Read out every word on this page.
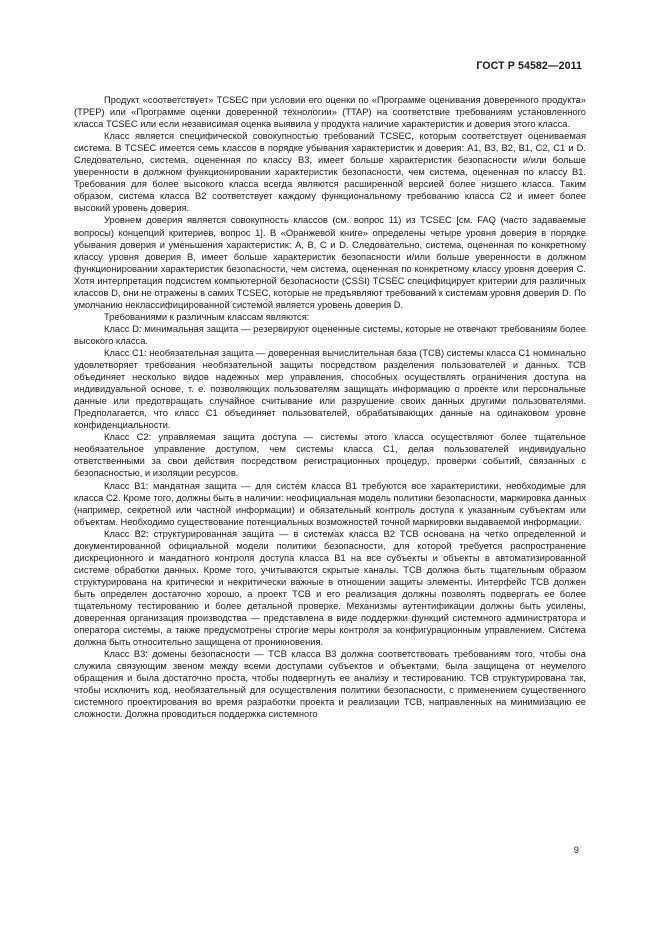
ГОСТ Р 54582—2011

Продукт «соответствует» TCSEC при условии его оценки по «Программе оценивания доверенного продукта» (TPEP) или «Программе оценки доверенной технологии» (TTAP) на соответствие требованиям установленного класса TCSEC или если независимая оценка выявила у продукта наличие характеристик и доверия этого класса.

Класс является специфической совокупностью требований TCSEC, которым соответствует оцениваемая система. В TCSEC имеется семь классов в порядке убывания характеристик и доверия: A1, B3, B2, B1, C2, C1 и D. Следовательно, система, оцененная по классу B3, имеет больше характеристик безопасности и/или больше уверенности в должном функционировании характеристик безопасности, чем система, оцененная по классу B1. Требования для более высокого класса всегда являются расширенной версией более низшего класса. Таким образом, система класса B2 соответствует каждому функциональному требованию класса C2 и имеет более высокий уровень доверия.

Уровнем доверия является совокупность классов (см. вопрос 11) из TCSEC [см. FAQ (часто задаваемые вопросы) концепций критериев, вопрос 1]. В «Оранжевой книге» определены четыре уровня доверия в порядке убывания доверия и уменьшения характеристик: A, B, C и D. Следовательно, система, оцененная по конкретному классу уровня доверия B, имеет больше характеристик безопасности и/или больше уверенности в должном функционировании характеристик безопасности, чем система, оцененная по конкретному классу уровня доверия C. Хотя интерпретация подсистем компьютерной безопасности (CSSI) TCSEC специфицирует критерии для различных классов D, они не отражены в самих TCSEC, которые не предъявляют требований к системам уровня доверия D. По умолчанию неклассифицированной системой является уровень доверия D.

Требованиями к различным классам являются:

Класс D: минимальная защита — резервируют оцененные системы, которые не отвечают требованиям более высокого класса.

Класс C1: необязательная защита — доверенная вычислительная база (TCB) системы класса C1 номинально удовлетворяет требования необязательной защиты посредством разделения пользователей и данных. TCB объединяет несколько видов надежных мер управления, способных осуществлять ограничения доступа на индивидуальной основе, т. е. позволяющих пользователям защищать информацию о проекте или персональные данные или предотвращать случайное считывание или разрушение своих данных другими пользователями. Предполагается, что класс C1 объединяет пользователей, обрабатывающих данные на одинаковом уровне конфиденциальности.

Класс C2: управляемая защита доступа — системы этого класса осуществляют более тщательное необязательное управление доступом, чем системы класса C1, делая пользователей индивидуально ответственными за свои действия посредством регистрационных процедур, проверки событий, связанных с безопасностью, и изоляции ресурсов.

Класс B1: мандатная защита — для систем класса B1 требуются все характеристики, необходимые для класса C2. Кроме того, должны быть в наличии: неофициальная модель политики безопасности, маркировка данных (например, секретной или частной информации) и обязательный контроль доступа к указанным субъектам или объектам. Необходимо существование потенциальных возможностей точной маркировки выдаваемой информации.

Класс B2: структурированная защита — в системах класса B2 TCB основана на четко определенной и документированной официальной модели политики безопасности, для которой требуется распространение дискреционного и мандатного контроля доступа класса B1 на все субъекты и объекты в автоматизированной системе обработки данных. Кроме того, учитываются скрытые каналы. TCB должна быть тщательным образом структурирована на критически и некритически важные в отношении защиты элементы. Интерфейс TCB должен быть определен достаточно хорошо, а проект TCB и его реализация должны позволять подвергать ее более тщательному тестированию и более детальной проверке. Механизмы аутентификации должны быть усилены, доверенная организация производства — представлена в виде поддержки функций системного администратора и оператора системы, а также предусмотрены строгие меры контроля за конфигурационным управлением. Система должна быть относительно защищена от проникновения.

Класс B3: домены безопасности — TCB класса B3 должна соответствовать требованиям того, чтобы она служила связующим звеном между всеми доступами субъектов и объектами, была защищена от неумелого обращения и была достаточно проста, чтобы подвергнуть ее анализу и тестированию. TCB структурирована так, чтобы исключить код, необязательный для осуществления политики безопасности, с применением существенного системного проектирования во время разработки проекта и реализации TCB, направленных на минимизацию ее сложности. Должна проводиться поддержка системного

9
